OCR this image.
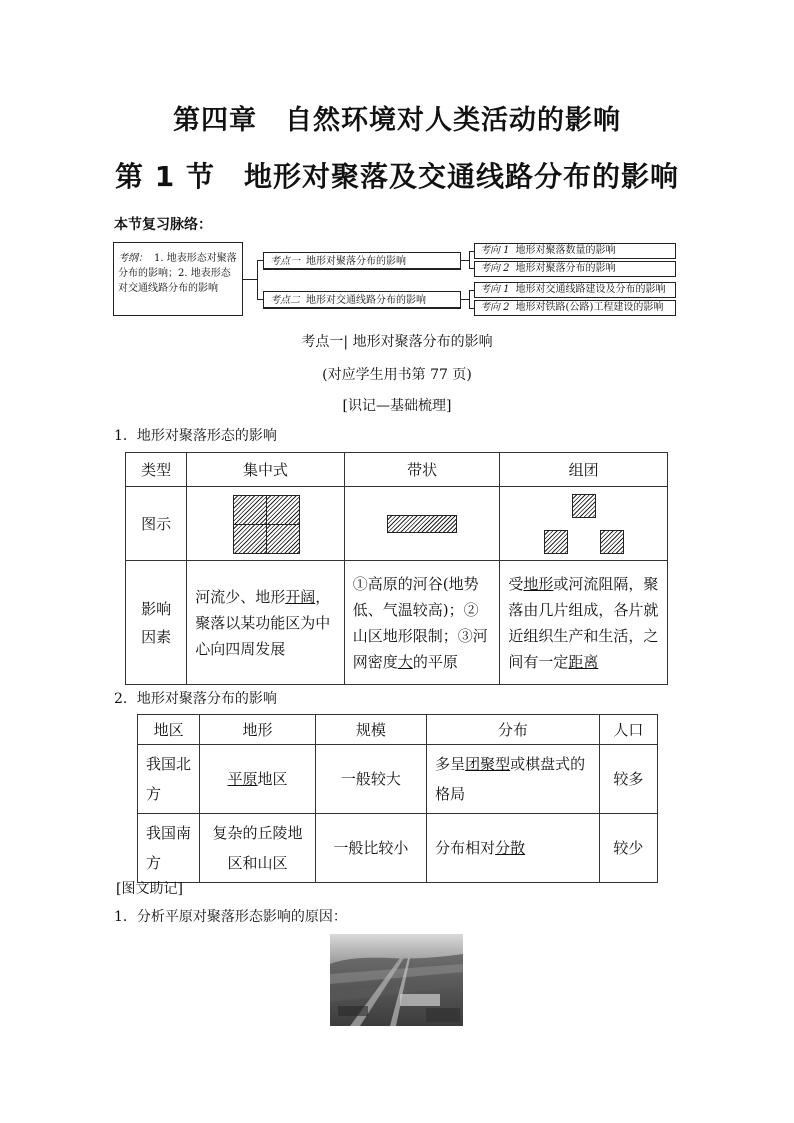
第四章　自然环境对人类活动的影响
第 1 节　地形对聚落及交通线路分布的影响
本节复习脉络：
考纲： 1. 地表形态对聚落分布的影响；2. 地表形态对交通线路分布的影响
考点一 地形对聚落分布的影响
考点二 地形对交通线路分布的影响
考向 1 地形对聚落数量的影响
考向 2 地形对聚落分布的影响
考向 1 地形对交通线路建设及分布的影响
考向 2 地形对铁路(公路)工程建设的影响
考点一| 地形对聚落分布的影响
(对应学生用书第 77 页)
[识记—基础梳理]
1．地形对聚落形态的影响
类型	集中式	带状	组团
图示	

影响因素	河流少、地形开阔，聚落以某功能区为中心向四周发展	①高原的河谷(地势低、气温较高)；②山区地形限制；③河网密度大的平原	受地形或河流阻隔，聚落由几片组成，各片就近组织生产和生活，之间有一定距离
2．地形对聚落分布的影响
地区	地形	规模	分布	人口
我国北方	平原地区	一般较大	多呈团聚型或棋盘式的格局	较多
我国南方	复杂的丘陵地区和山区	一般比较小	分布相对分散	较少
[图文助记]
1．分析平原对聚落形态影响的原因：
